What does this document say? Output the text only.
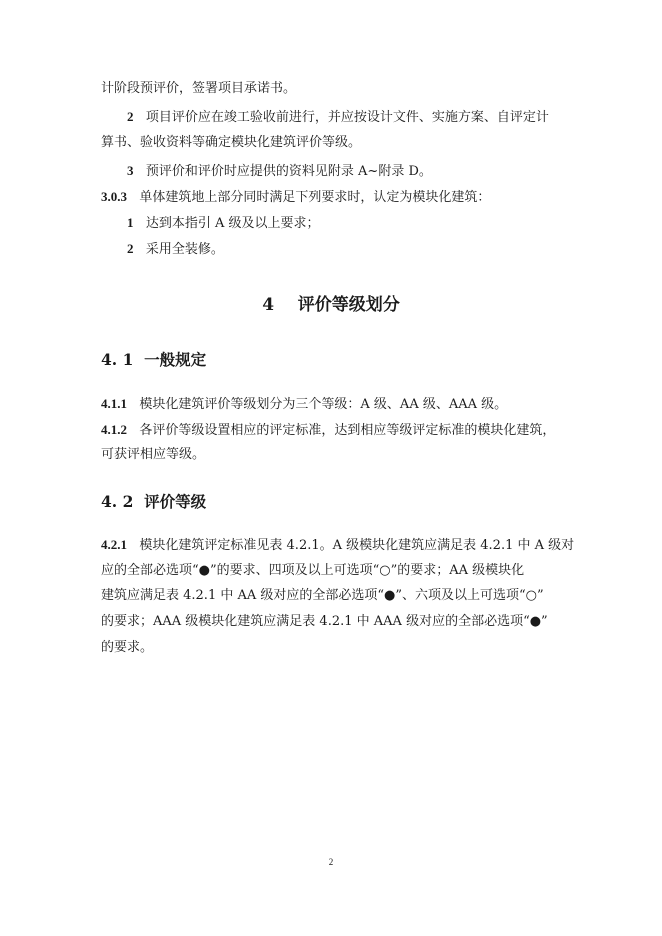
计阶段预评价，签署项目承诺书。
2 项目评价应在竣工验收前进行，并应按设计文件、实施方案、自评定计
算书、验收资料等确定模块化建筑评价等级。
3 预评价和评价时应提供的资料见附录 A~附录 D。
3.0.3 单体建筑地上部分同时满足下列要求时，认定为模块化建筑：
1 达到本指引 A 级及以上要求；
2 采用全装修。
4 评价等级划分
4. 1 一般规定
4.1.1 模块化建筑评价等级划分为三个等级：A 级、AA 级、AAA 级。
4.1.2 各评价等级设置相应的评定标准，达到相应等级评定标准的模块化建筑，
可获评相应等级。
4. 2 评价等级
4.2.1 模块化建筑评定标准见表 4.2.1。A 级模块化建筑应满足表 4.2.1 中 A 级对
应的全部必选项“●”的要求、四项及以上可选项“○”的要求；AA 级模块化
建筑应满足表 4.2.1 中 AA 级对应的全部必选项“●”、六项及以上可选项“○”
的要求；AAA 级模块化建筑应满足表 4.2.1 中 AAA 级对应的全部必选项“●”
的要求。
2
